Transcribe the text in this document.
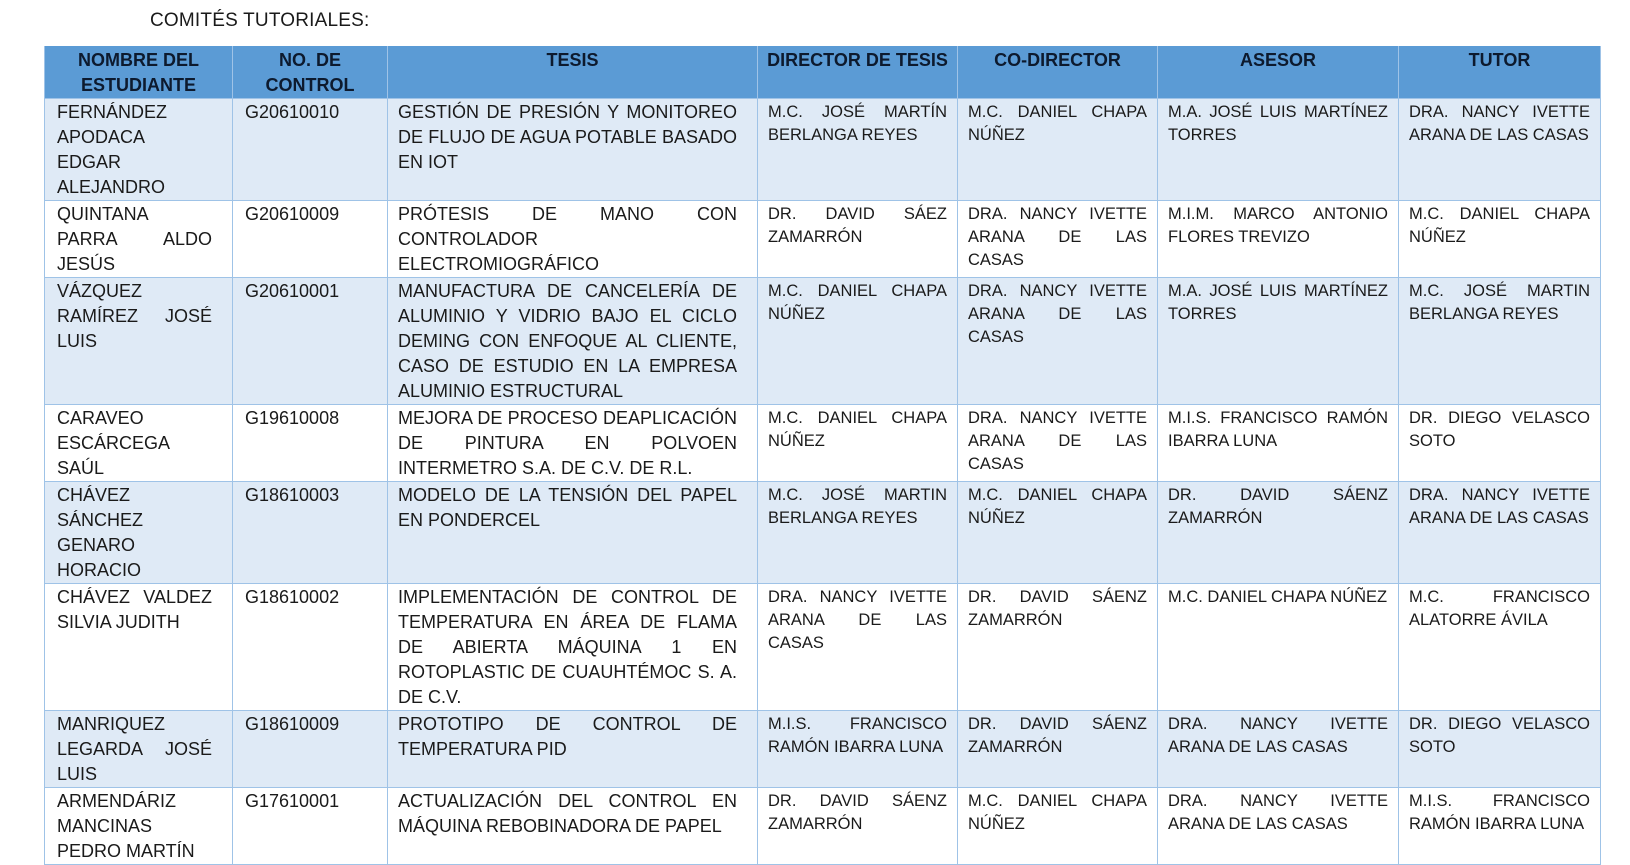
COMITÉS TUTORIALES:
NOMBRE DEL ESTUDIANTE	NO. DE CONTROL	TESIS	DIRECTOR DE TESIS	CO-DIRECTOR	ASESOR	TUTOR
FERNÁNDEZ APODACA EDGAR ALEJANDRO	G20610010	GESTIÓN DE PRESIÓN Y MONITOREO DE FLUJO DE AGUA POTABLE BASADO EN IOT	M.C. JOSÉ MARTÍN BERLANGA REYES	M.C. DANIEL CHAPA NÚÑEZ	M.A. JOSÉ LUIS MARTÍNEZ TORRES	DRA. NANCY IVETTE ARANA DE LAS CASAS
QUINTANA PARRA ALDO JESÚS	G20610009	PRÓTESIS DE MANO CON CONTROLADOR ELECTROMIOGRÁFICO	DR. DAVID SÁEZ ZAMARRÓN	DRA. NANCY IVETTE ARANA DE LAS CASAS	M.I.M. MARCO ANTONIO FLORES TREVIZO	M.C. DANIEL CHAPA NÚÑEZ
VÁZQUEZ RAMÍREZ JOSÉ LUIS	G20610001	MANUFACTURA DE CANCELERÍA DE ALUMINIO Y VIDRIO BAJO EL CICLO DEMING CON ENFOQUE AL CLIENTE, CASO DE ESTUDIO EN LA EMPRESA ALUMINIO ESTRUCTURAL	M.C. DANIEL CHAPA NÚÑEZ	DRA. NANCY IVETTE ARANA DE LAS CASAS	M.A. JOSÉ LUIS MARTÍNEZ TORRES	M.C. JOSÉ MARTIN BERLANGA REYES
CARAVEO ESCÁRCEGA SAÚL	G19610008	MEJORA DE PROCESO DEAPLICACIÓN DE PINTURA EN POLVOEN INTERMETRO S.A. DE C.V. DE R.L.	M.C. DANIEL CHAPA NÚÑEZ	DRA. NANCY IVETTE ARANA DE LAS CASAS	M.I.S. FRANCISCO RAMÓN IBARRA LUNA	DR. DIEGO VELASCO SOTO
CHÁVEZ SÁNCHEZ GENARO HORACIO	G18610003	MODELO DE LA TENSIÓN DEL PAPEL EN PONDERCEL	M.C. JOSÉ MARTIN BERLANGA REYES	M.C. DANIEL CHAPA NÚÑEZ	DR. DAVID SÁENZ ZAMARRÓN	DRA. NANCY IVETTE ARANA DE LAS CASAS
CHÁVEZ VALDEZ SILVIA JUDITH	G18610002	IMPLEMENTACIÓN DE CONTROL DE TEMPERATURA EN ÁREA DE FLAMA DE ABIERTA MÁQUINA 1 EN ROTOPLASTIC DE CUAUHTÉMOC S. A. DE C.V.	DRA. NANCY IVETTE ARANA DE LAS CASAS	DR. DAVID SÁENZ ZAMARRÓN	M.C. DANIEL CHAPA NÚÑEZ	M.C. FRANCISCO ALATORRE ÁVILA
MANRIQUEZ LEGARDA JOSÉ LUIS	G18610009	PROTOTIPO DE CONTROL DE TEMPERATURA PID	M.I.S. FRANCISCO RAMÓN IBARRA LUNA	DR. DAVID SÁENZ ZAMARRÓN	DRA. NANCY IVETTE ARANA DE LAS CASAS	DR. DIEGO VELASCO SOTO
ARMENDÁRIZ MANCINAS PEDRO MARTÍN	G17610001	ACTUALIZACIÓN DEL CONTROL EN MÁQUINA REBOBINADORA DE PAPEL	DR. DAVID SÁENZ ZAMARRÓN	M.C. DANIEL CHAPA NÚÑEZ	DRA. NANCY IVETTE ARANA DE LAS CASAS	M.I.S. FRANCISCO RAMÓN IBARRA LUNA
